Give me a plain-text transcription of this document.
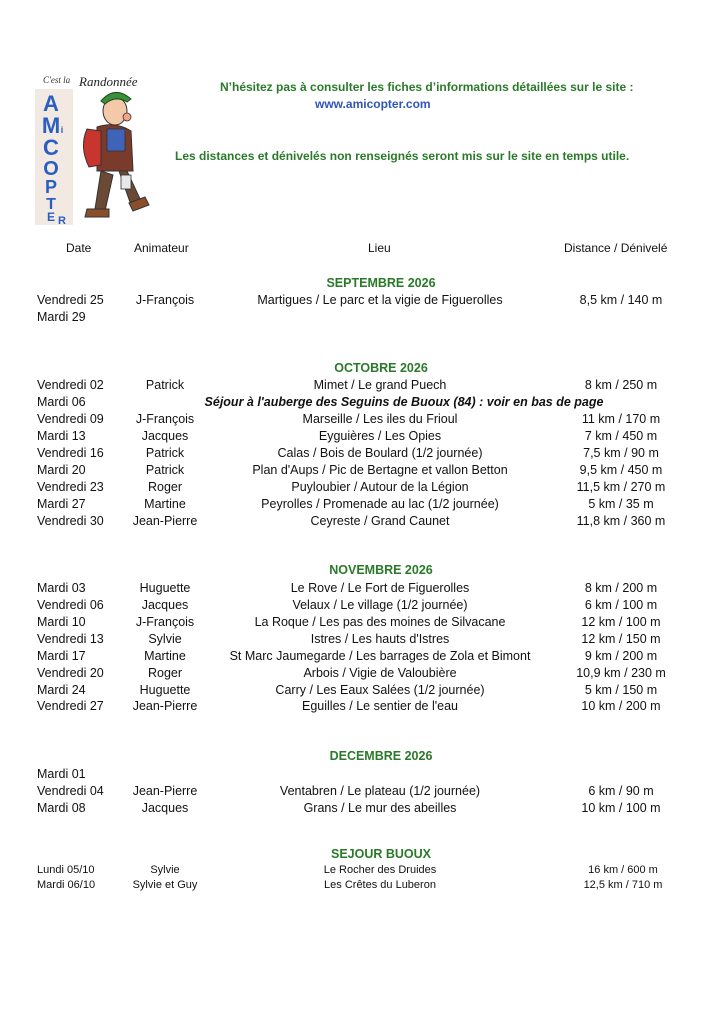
C'est la Randonnée
A
M i
C
O
P
T
E R
N’hésitez pas à consulter les fiches d’informations détaillées sur le site :
www.amicopter.com
Les distances et dénivelés non renseignés seront mis sur le site en temps utile.
Date	Animateur	Lieu	Distance / Dénivelé
SEPTEMBRE 2026
Vendredi 25	J-François	Martigues / Le parc et la vigie de Figuerolles	8,5 km / 140 m
Mardi 29
OCTOBRE 2026
Vendredi 02	Patrick	Mimet / Le grand Puech	8 km / 250 m
Mardi 06	Séjour à l'auberge des Seguins de Buoux (84) : voir en bas de page
Vendredi 09	J-François	Marseille / Les iles du Frioul	11 km / 170 m
Mardi 13	Jacques	Eyguières / Les Opies	7 km / 450 m
Vendredi 16	Patrick	Calas / Bois de Boulard (1/2 journée)	7,5 km / 90 m
Mardi 20	Patrick	Plan d'Aups / Pic de Bertagne et vallon Betton	9,5 km / 450 m
Vendredi 23	Roger	Puyloubier / Autour de la Légion	11,5 km / 270 m
Mardi 27	Martine	Peyrolles / Promenade au lac (1/2 journée)	5 km / 35 m
Vendredi 30 Jean-Pierre	Ceyreste / Grand Caunet	11,8 km / 360 m
NOVEMBRE 2026
Mardi 03	Huguette	Le Rove / Le Fort de Figuerolles	8 km / 200 m
Vendredi 06	Jacques	Velaux / Le village (1/2 journée)	6 km / 100 m
Mardi 10	J-François	La Roque / Les pas des moines de Silvacane	12 km / 100 m
Vendredi 13	Sylvie	Istres / Les hauts d'Istres	12 km / 150 m
Mardi 17	Martine	St Marc Jaumegarde / Les barrages de Zola et Bimont	9 km / 200 m
Vendredi 20	Roger	Arbois / Vigie de Valoubière	10,9 km / 230 m
Mardi 24	Huguette	Carry / Les Eaux Salées (1/2 journée)	5 km / 150 m
Vendredi 27 Jean-Pierre	Eguilles / Le sentier de l'eau	10 km / 200 m
DECEMBRE 2026
Mardi 01
Vendredi 04 Jean-Pierre	Ventabren / Le plateau (1/2 journée)	6 km / 90 m
Mardi 08	Jacques	Grans / Le mur des abeilles	10 km / 100 m
SEJOUR BUOUX
Lundi 05/10	Sylvie	Le Rocher des Druides	16 km / 600 m
Mardi 06/10	Sylvie et Guy	Les Crêtes du Luberon	12,5 km / 710 m
